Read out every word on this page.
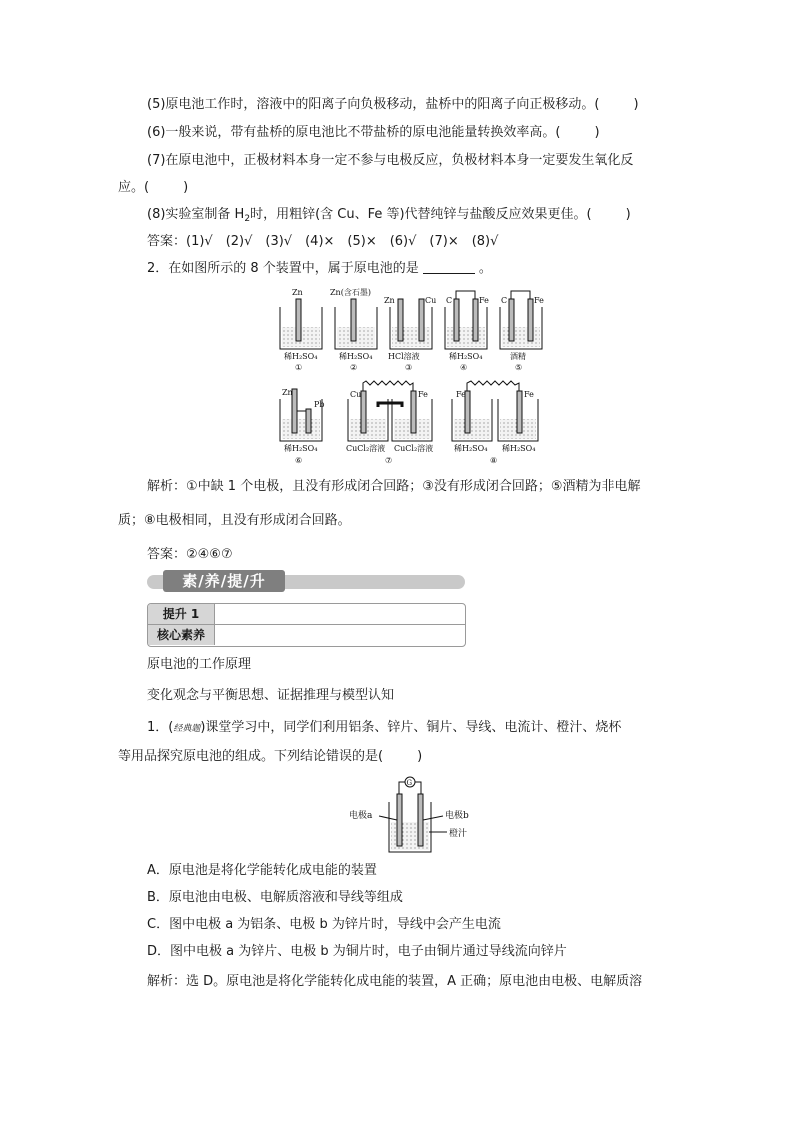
(5)原电池工作时，溶液中的阳离子向负极移动，盐桥中的阳离子向正极移动。(	)
(6)一般来说，带有盐桥的原电池比不带盐桥的原电池能量转换效率高。(	)
(7)在原电池中，正极材料本身一定不参与电极反应，负极材料本身一定要发生氧化反
应。(	)
(8)实验室制备 $H_2$时，用粗锌(含 Cu、Fe 等)代替纯锌与盐酸反应效果更佳。(	)
答案：(1)√　(2)√　(3)√　(4)×　(5)×　(6)√　(7)×　(8)√
2．在如图所示的 8 个装置中，属于原电池的是	。
Zn
稀H₂SO₄
①
Zn(含石墨)
稀H₂SO₄
②
Zn	Cu
HCl溶液
③
C	Fe
稀H₂SO₄
④
C	Fe
酒精
⑤
Zn
Pb
稀H₂SO₄
⑥
Cu	Fe
CuCl₂溶液 CuCl₂溶液
⑦
Fe	Fe
稀H₂SO₄ 稀H₂SO₄
⑧
解析：①中缺 1 个电极，且没有形成闭合回路；③没有形成闭合回路；⑤酒精为非电解
质；⑧电极相同，且没有形成闭合回路。
答案：②④⑥⑦
素/养/提/升
提升 1
核心素养
原电池的工作原理
变化观念与平衡思想、证据推理与模型认知
1．(经典题)课堂学习中，同学们利用铝条、锌片、铜片、导线、电流计、橙汁、烧杯
等用品探究原电池的组成。下列结论错误的是(	)
G
电极a	电极b
橙汁
A．原电池是将化学能转化成电能的装置
B．原电池由电极、电解质溶液和导线等组成
C．图中电极 a 为铝条、电极 b 为锌片时，导线中会产生电流
D．图中电极 a 为锌片、电极 b 为铜片时，电子由铜片通过导线流向锌片
解析：选 D。原电池是将化学能转化成电能的装置，A 正确；原电池由电极、电解质溶
